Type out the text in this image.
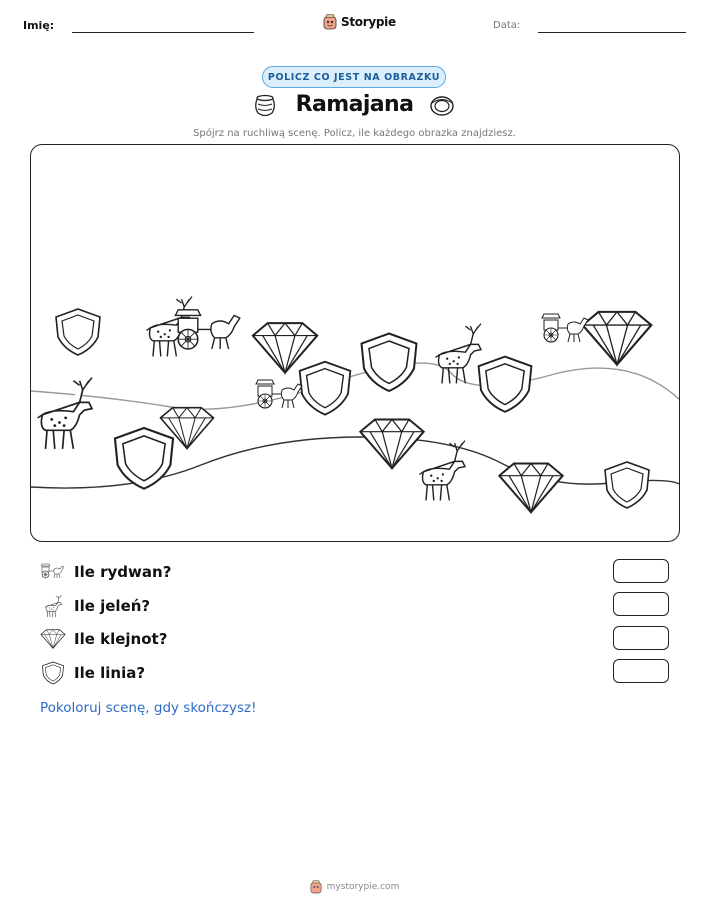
Imię:	Storypie	Data:
POLICZ CO JEST NA OBRAZKU
Ramajana
Spójrz na ruchliwą scenę. Policz, ile każdego obrazka znajdziesz.
Ile rydwan?
Ile jeleń?
Ile klejnot?
Ile linia?
Pokoloruj scenę, gdy skończysz!
mystorypie.com
